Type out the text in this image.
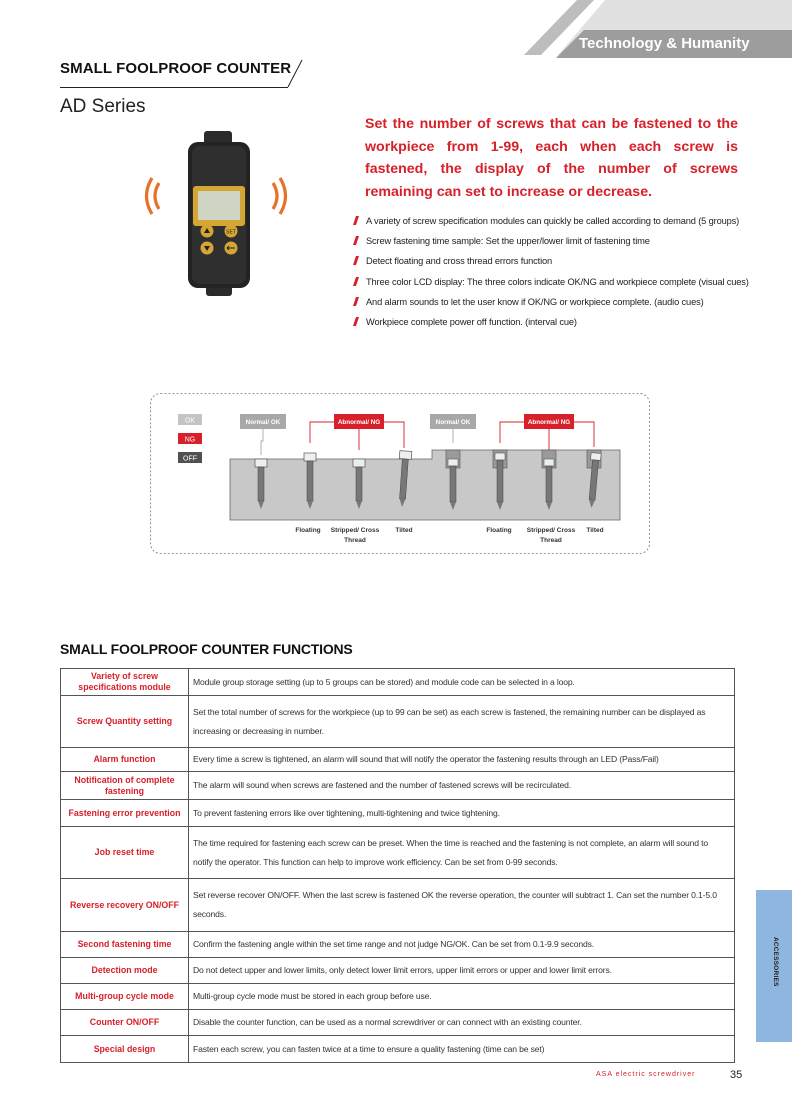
Technology & Humanity
SMALL FOOLPROOF COUNTER
AD Series
SET
Set the number of screws that can be fastened to the workpiece from 1-99, each when each screw is fastened, the display of the number of screws remaining can set to increase or decrease.
A variety of screw specification modules can quickly be called according to demand (5 groups)
Screw fastening time sample: Set the upper/lower limit of fastening time
Detect floating and cross thread errors function
Three color LCD display: The three colors indicate OK/NG and workpiece complete (visual cues)
And alarm sounds to let the user know if OK/NG or workpiece complete. (audio cues)
Workpiece complete power off function. (interval cue)
OK
NG
OFF
Normal/ OK	Abnormal/ NG	Normal/ OK	Abnormal/ NG
Floating Stripped/ Cross Thread
Tilted	Floating Stripped/ Cross Thread
Tilted
SMALL FOOLPROOF COUNTER FUNCTIONS
Variety of screw specifications module	Module group storage setting (up to 5 groups can be stored) and module code can be selected in a loop.
Screw Quantity setting	Set the total number of screws for the workpiece (up to 99 can be set) as each screw is fastened, the remaining number can be displayed as increasing or decreasing in number.
Alarm function	Every time a screw is tightened, an alarm will sound that will notify the operator the fastening results through an LED (Pass/Fail)
Notification of complete fastening	The alarm will sound when screws are fastened and the number of fastened screws will be recirculated.
Fastening error prevention	To prevent fastening errors like over tightening, multi-tightening and twice tightening.
Job reset time	The time required for fastening each screw can be preset. When the time is reached and the fastening is not complete, an alarm will sound to notify the operator. This function can help to improve work efficiency. Can be set from 0-99 seconds.
Reverse recovery ON/OFF	Set reverse recover ON/OFF. When the last screw is fastened OK the reverse operation, the counter will subtract 1. Can set the number 0.1-5.0 seconds.
Second fastening time	Confirm the fastening angle within the set time range and not judge NG/OK. Can be set from 0.1-9.9 seconds.
Detection mode	Do not detect upper and lower limits, only detect lower limit errors, upper limit errors or upper and lower limit errors.
Multi-group cycle mode	Multi-group cycle mode must be stored in each group before use.
Counter ON/OFF	Disable the counter function, can be used as a normal screwdriver or can connect with an existing counter.
Special design	Fasten each screw, you can fasten twice at a time to ensure a quality fastening (time can be set)
ACCESSORIES
ASA electric screwdriver	35
